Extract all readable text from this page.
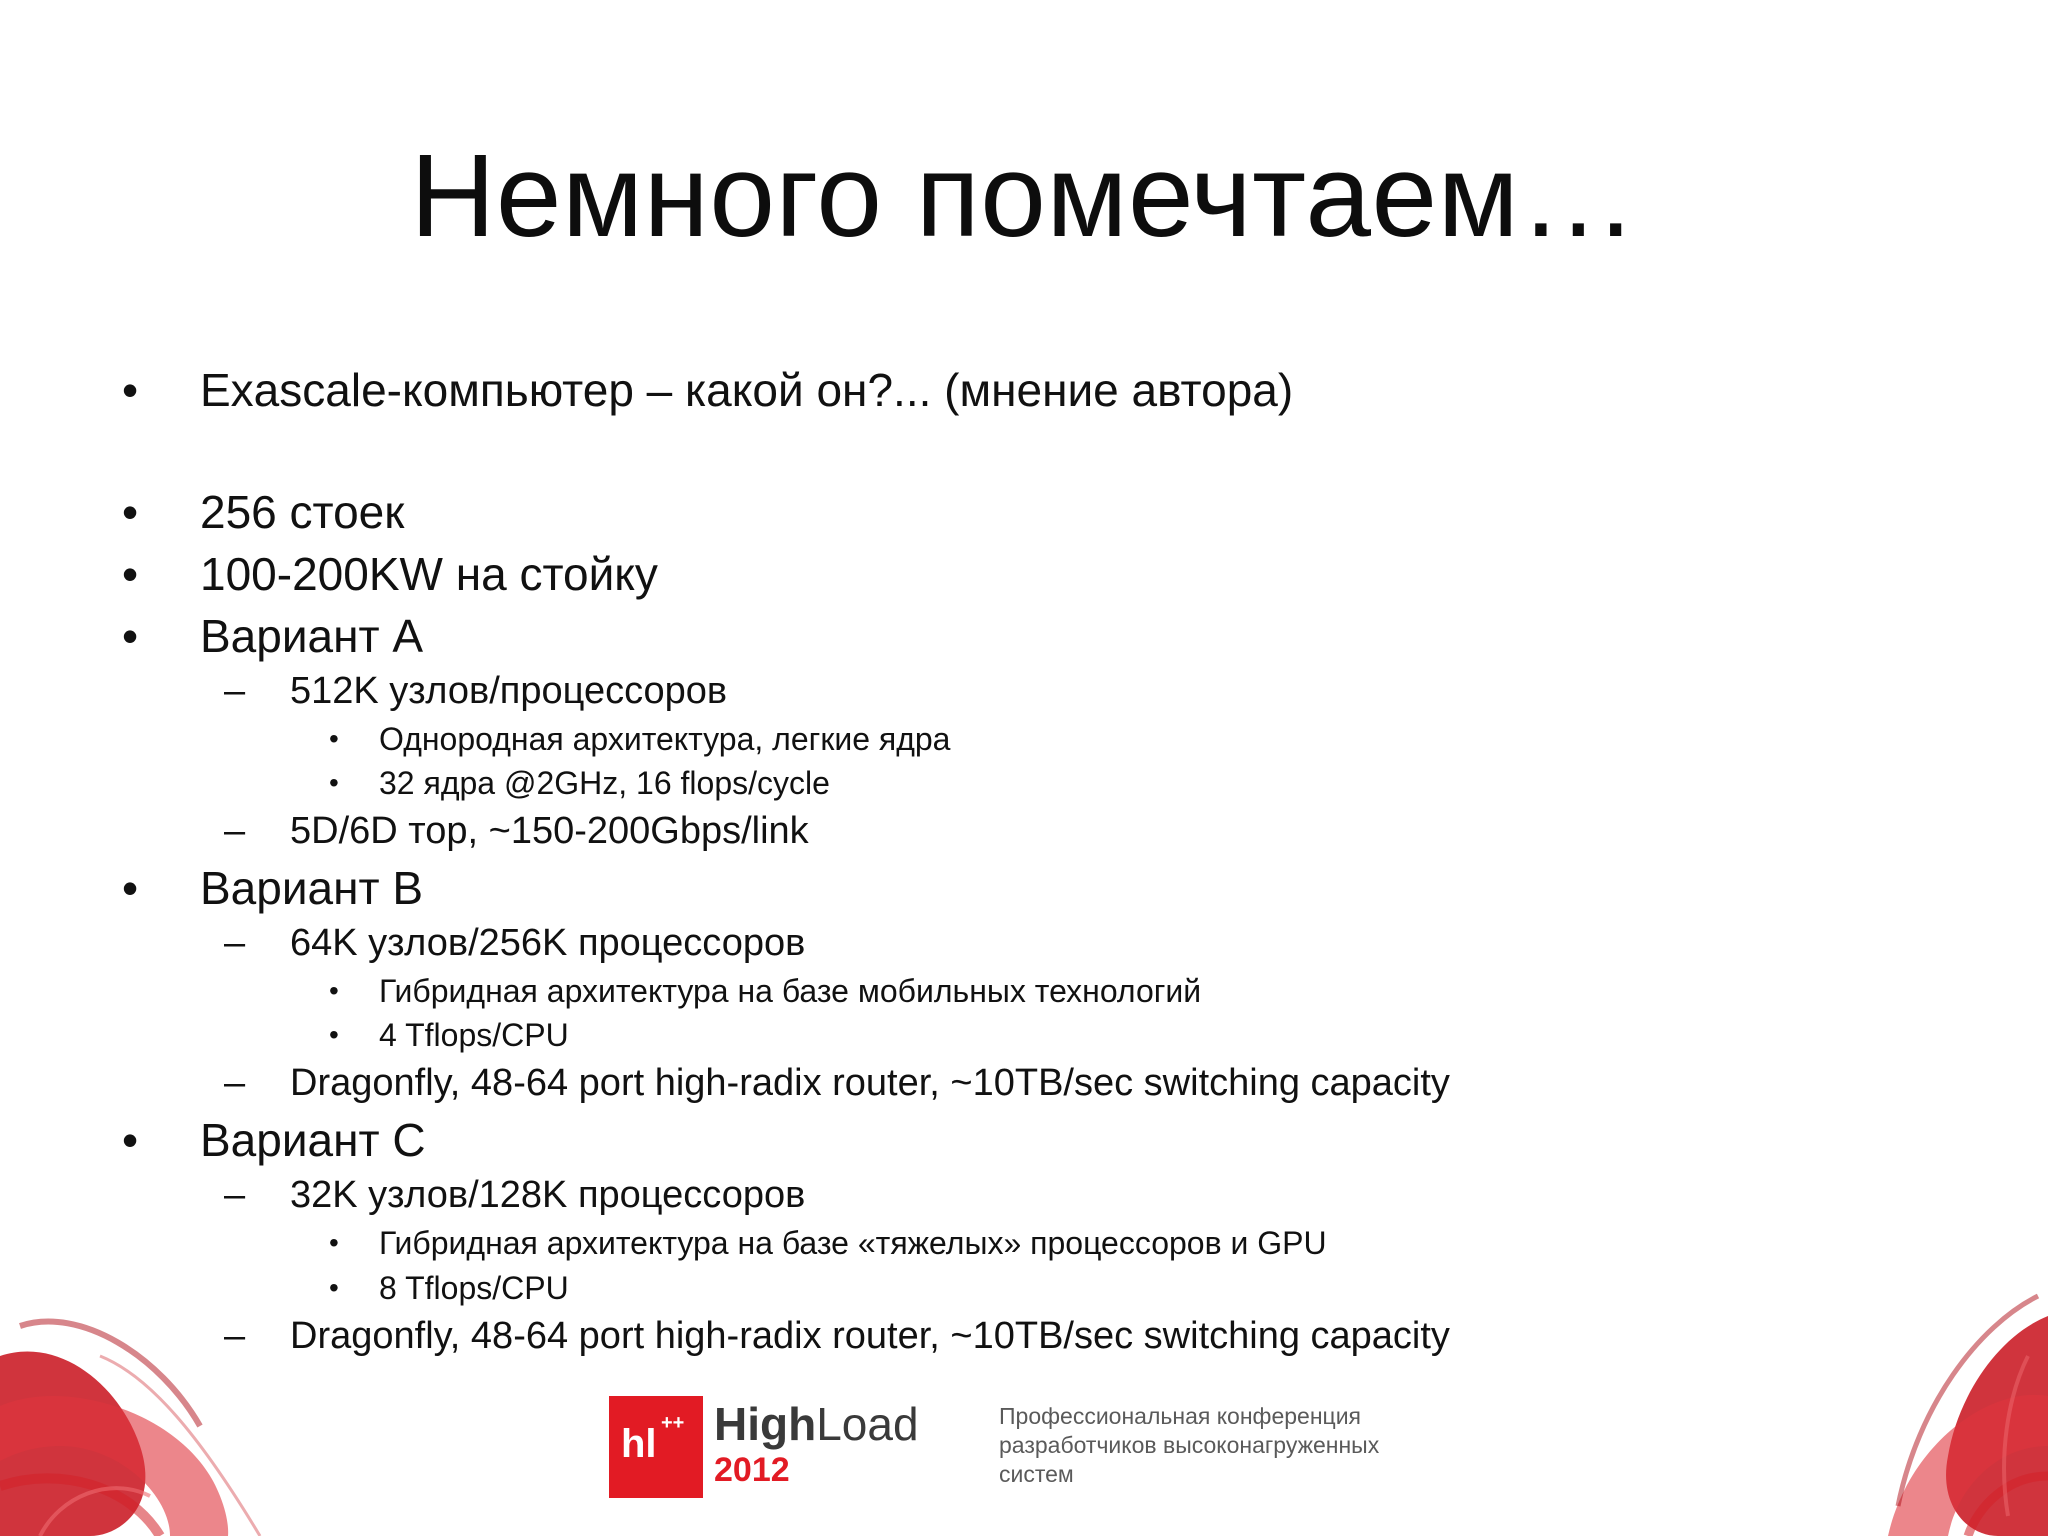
Немного помечтаем…
• Exascale-компьютер – какой он?... (мнение автора)
• 256 стоек
• 100-200KW на стойку
• Вариант A
– 512K узлов/процессоров
• Однородная архитектура, легкие ядра
• 32 ядра @2GHz, 16 flops/cycle
– 5D/6D тор, ~150-200Gbps/link
• Вариант B
– 64K узлов/256K процессоров
• Гибридная архитектура на базе мобильных технологий
• 4 Tflops/CPU
– Dragonfly, 48-64 port high-radix router, ~10TB/sec switching capacity
• Вариант C
– 32K узлов/128K процессоров
• Гибридная архитектура на базе «тяжелых» процессоров и GPU
• 8 Tflops/CPU
– Dragonfly, 48-64 port high-radix router, ~10TB/sec switching capacity
hl ++ HighLoad
2012
Профессиональная конференция
разработчиков высоконагруженных
систем
